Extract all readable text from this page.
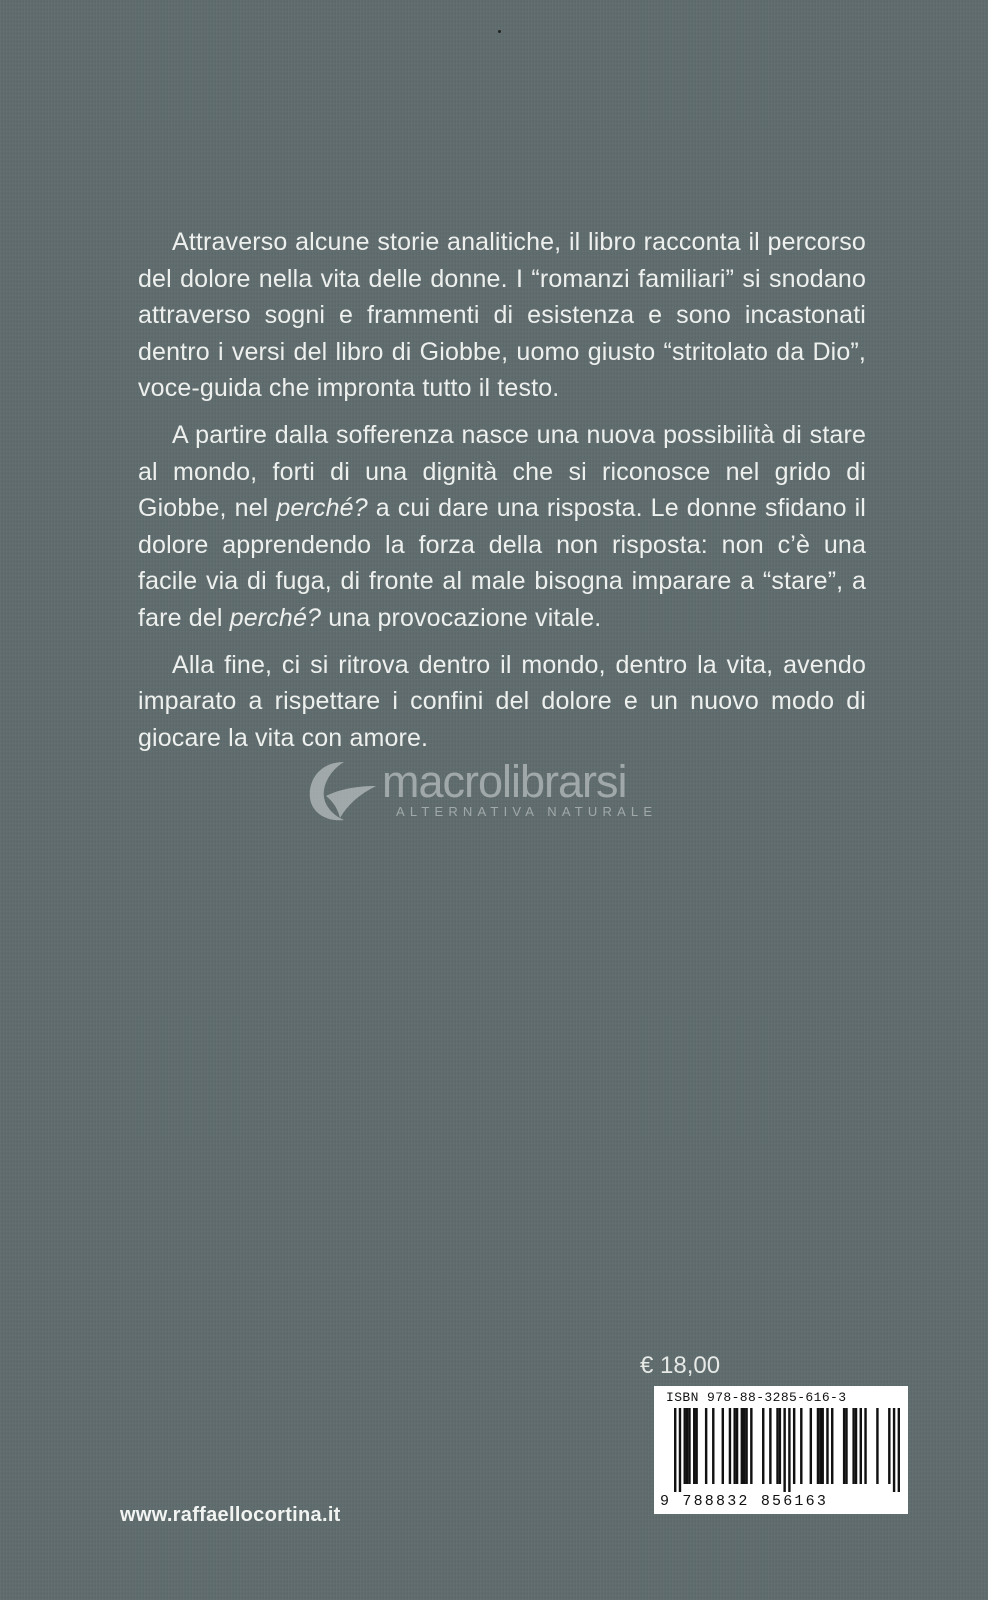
Attraverso alcune storie analitiche, il libro racconta il percorso del dolore nella vita delle donne. I “romanzi familiari” si snodano attraverso sogni e frammenti di esistenza e sono incastonati dentro i versi del libro di Giobbe, uomo giusto “stritolato da Dio”, voce-guida che impronta tutto il testo.

A partire dalla sofferenza nasce una nuova possibilità di stare al mondo, forti di una dignità che si riconosce nel grido di Giobbe, nel perché? a cui dare una risposta. Le donne sfidano il dolore apprendendo la forza della non risposta: non c’è una facile via di fuga, di fronte al male bisogna imparare a “stare”, a fare del perché? una provocazione vitale.

Alla fine, ci si ritrova dentro il mondo, dentro la vita, avendo imparato a rispettare i confini del dolore e un nuovo modo di giocare la vita con amore.

macrolibrarsi
ALTERNATIVA NATURALE
€ 18,00
ISBN 978-88-3285-616-3
9 788832 856163
www.raffaellocortina.it
